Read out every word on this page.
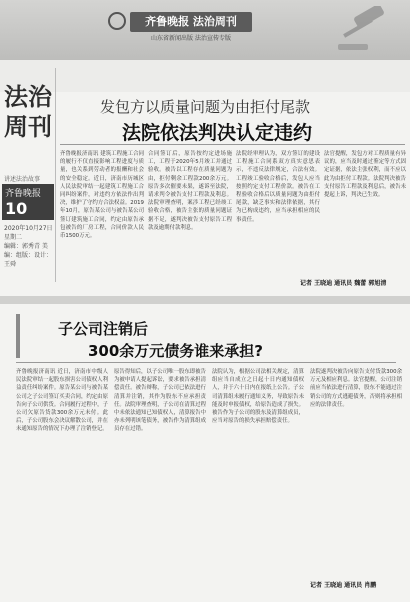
齐鲁晚报 法治周刊
山东省新闻出版 法治宣传专版
法治周刊
讲述法治故事
齐鲁晚报
10
2020年10月27日 星期二
编辑：郭秀青 美编：组版：设计：王舜
发包方以质量问题为由拒付尾款
法院依法判决认定违约
齐鲁晚报济南讯 建筑工程施工合同的履行不仅直接影响工程进度与质量，也关系到劳动者的报酬和社会的安全稳定。近日，济南市历城区人民法院审结一起建筑工程施工合同纠纷案件，对违约方依法作出判决，维护了守约方合法权益。2019年10月，原告某公司与被告某公司签订建筑施工合同，约定由原告承包被告的厂房工程，合同价款人民币1500万元。
合同签订后，原告按约定进场施工，工程于2020年5月竣工并通过验收。被告以工程存在质量问题为由，拒付剩余工程款200余万元。原告多次催要未果，遂诉至法院，请求判令被告支付工程款及利息。法院审理查明，案涉工程已经竣工验收合格，被告主张的质量问题证据不足，遂判决被告支付原告工程款及逾期付款利息。
法院经审理认为，双方签订的建设工程施工合同系双方真实意思表示，不违反法律规定，合法有效。工程竣工验收合格后，发包人应当按照约定支付工程价款。被告在工程验收合格后以质量问题为由拒付尾款，缺乏事实和法律依据，其行为已构成违约，应当承担相应的民事责任。
法官提醒，发包方对工程质量有异议的，应当及时通过鉴定等方式固定证据，依法主张权利，而不应以此为由拒付工程款。法院判决被告支付原告工程款及利息后，被告未提起上诉，判决已生效。
记者 王晓迪 通讯员 魏蕾 郭旭清
子公司注销后
300余万元债务谁来承担?
齐鲁晚报济南讯 近日，济南市中级人民法院审结一起股东损害公司债权人利益责任纠纷案件。原告某公司与被告某公司之子公司签订买卖合同，约定由原告向子公司供货。合同履行过程中，子公司欠原告货款300余万元未付。此后，子公司股东会决议解散公司，并在未通知原告的情况下办理了注销登记。
原告得知后，以子公司唯一股东即被告为被申请人提起诉讼，要求被告承担清偿责任。被告辩称，子公司已依法进行清算并注销，其作为股东不应承担责任。法院审理查明，子公司在清算过程中未依法通知已知债权人，清算报告中亦未列明该笔债务，被告作为清算组成员存在过错。
法院认为，根据公司法相关规定，清算组应当自成立之日起十日内通知债权人，并于六十日内在报纸上公告。子公司清算组未履行通知义务，导致原告未能及时申报债权，给原告造成了损失。被告作为子公司的股东及清算组成员，应当对原告的损失承担赔偿责任。
法院遂判决被告向原告支付货款300余万元及相应利息。法官提醒，公司注销前应当依法进行清算，股东不能通过注销公司的方式逃避债务，否则将承担相应的法律责任。
记者 王晓迪 通讯员 肖鹏
